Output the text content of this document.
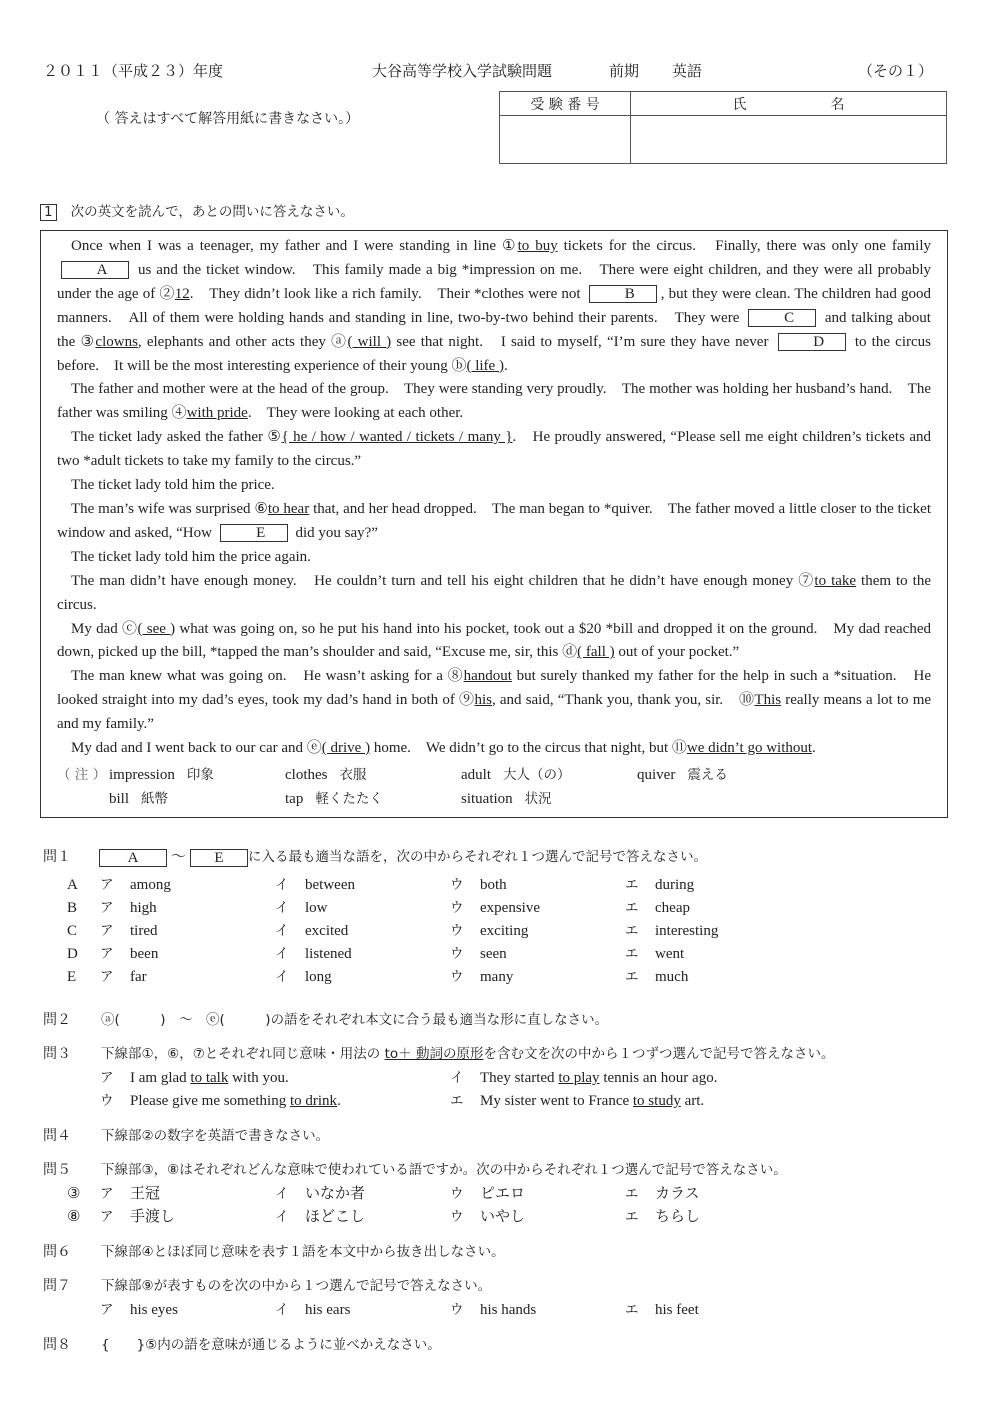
２０１１（平成２３）年度	大谷高等学校入学試験問題	前期 英語	（その１）
（ 答えはすべて解答用紙に書きなさい。）
受 験 番 号	氏　　　　　　名

1 次の英文を読んで，あとの問いに答えなさい。

Once when I was a teenager, my father and I were standing in line ①to buy tickets for the circus.　Finally, there was only one family A us and the ticket window.　This family made a big *impression on me.　There were eight children, and they were all probably under the age of ②12.　They didn’t look like a rich family.　Their *clothes were not	B , but they were clean. The children had good manners.　All of them were holding hands and standing in line, two-by-two behind their parents.　They were	C and talking about the ③clowns, elephants and other acts they ⓐ( will ) see that night.　I said to myself, “I’m sure they have never	D to the circus before.　It will be the most interesting experience of their young ⓑ( life ).

The father and mother were at the head of the group.　They were standing very proudly.　The mother was holding her husband’s hand.　The father was smiling ④with pride.　They were looking at each other.

The ticket lady asked the father ⑤{ he / how / wanted / tickets / many }.　He proudly answered, “Please sell me eight children’s tickets and two *adult tickets to take my family to the circus.”

The ticket lady told him the price.

The man’s wife was surprised ⑥to hear that, and her head dropped.　The man began to *quiver.　The father moved a little closer to the ticket window and asked, “How	E did you say?”

The ticket lady told him the price again.

The man didn’t have enough money.　He couldn’t turn and tell his eight children that he didn’t have enough money ⑦to take them to the circus.

My dad ⓒ( see ) what was going on, so he put his hand into his pocket, took out a $20 *bill and dropped it on the ground.　My dad reached down, picked up the bill, *tapped the man’s shoulder and said, “Excuse me, sir, this ⓓ( fall ) out of your pocket.”

The man knew what was going on.　He wasn’t asking for a ⑧handout but surely thanked my father for the help in such a *situation.　He looked straight into my dad’s eyes, took my dad’s hand in both of ⑨his, and said, “Thank you, thank you, sir.　⑩This really means a lot to me and my family.”

My dad and I went back to our car and ⓔ( drive ) home.　We didn’t go to the circus that night, but ⑪we didn’t go without.

（ 注 ） impression 印象	clothes 衣服	adult 大人（の）	quiver 震える
bill 紙幣	tap 軽くたたく	situation 状況
問１	A 〜 E に入る最も適当な語を，次の中からそれぞれ１つ選んで記号で答えなさい。
A ア among	イ between	ウ both	エ during
B ア high	イ low	ウ expensive	エ cheap
C ア tired	イ excited	ウ exciting	エ interesting
D ア been	イ listened	ウ seen	エ went
E ア far	イ long	ウ many	エ much
問２ ⓐ(　　　)　〜　ⓔ(　　　)の語をそれぞれ本文に合う最も適当な形に直しなさい。
問３ 下線部①，⑥，⑦とそれぞれ同じ意味・用法の to＋ 動詞の原形を含む文を次の中から１つずつ選んで記号で答えなさい。
ア I am glad to talk with you.	イ They started to play tennis an hour ago.
ウ Please give me something to drink.	エ My sister went to France to study art.
問４ 下線部②の数字を英語で書きなさい。
問５ 下線部③，⑧はそれぞれどんな意味で使われている語ですか。次の中からそれぞれ１つ選んで記号で答えなさい。
③ ア 王冠	イ いなか者	ウ ピエロ	エ カラス
⑧ ア 手渡し	イ ほどこし	ウ いやし	エ ちらし
問６ 下線部④とほぼ同じ意味を表す１語を本文中から抜き出しなさい。
問７ 下線部⑨が表すものを次の中から１つ選んで記号で答えなさい。
ア his eyes	イ his ears	ウ his hands	エ his feet
問８ {　　}⑤内の語を意味が通じるように並べかえなさい。
